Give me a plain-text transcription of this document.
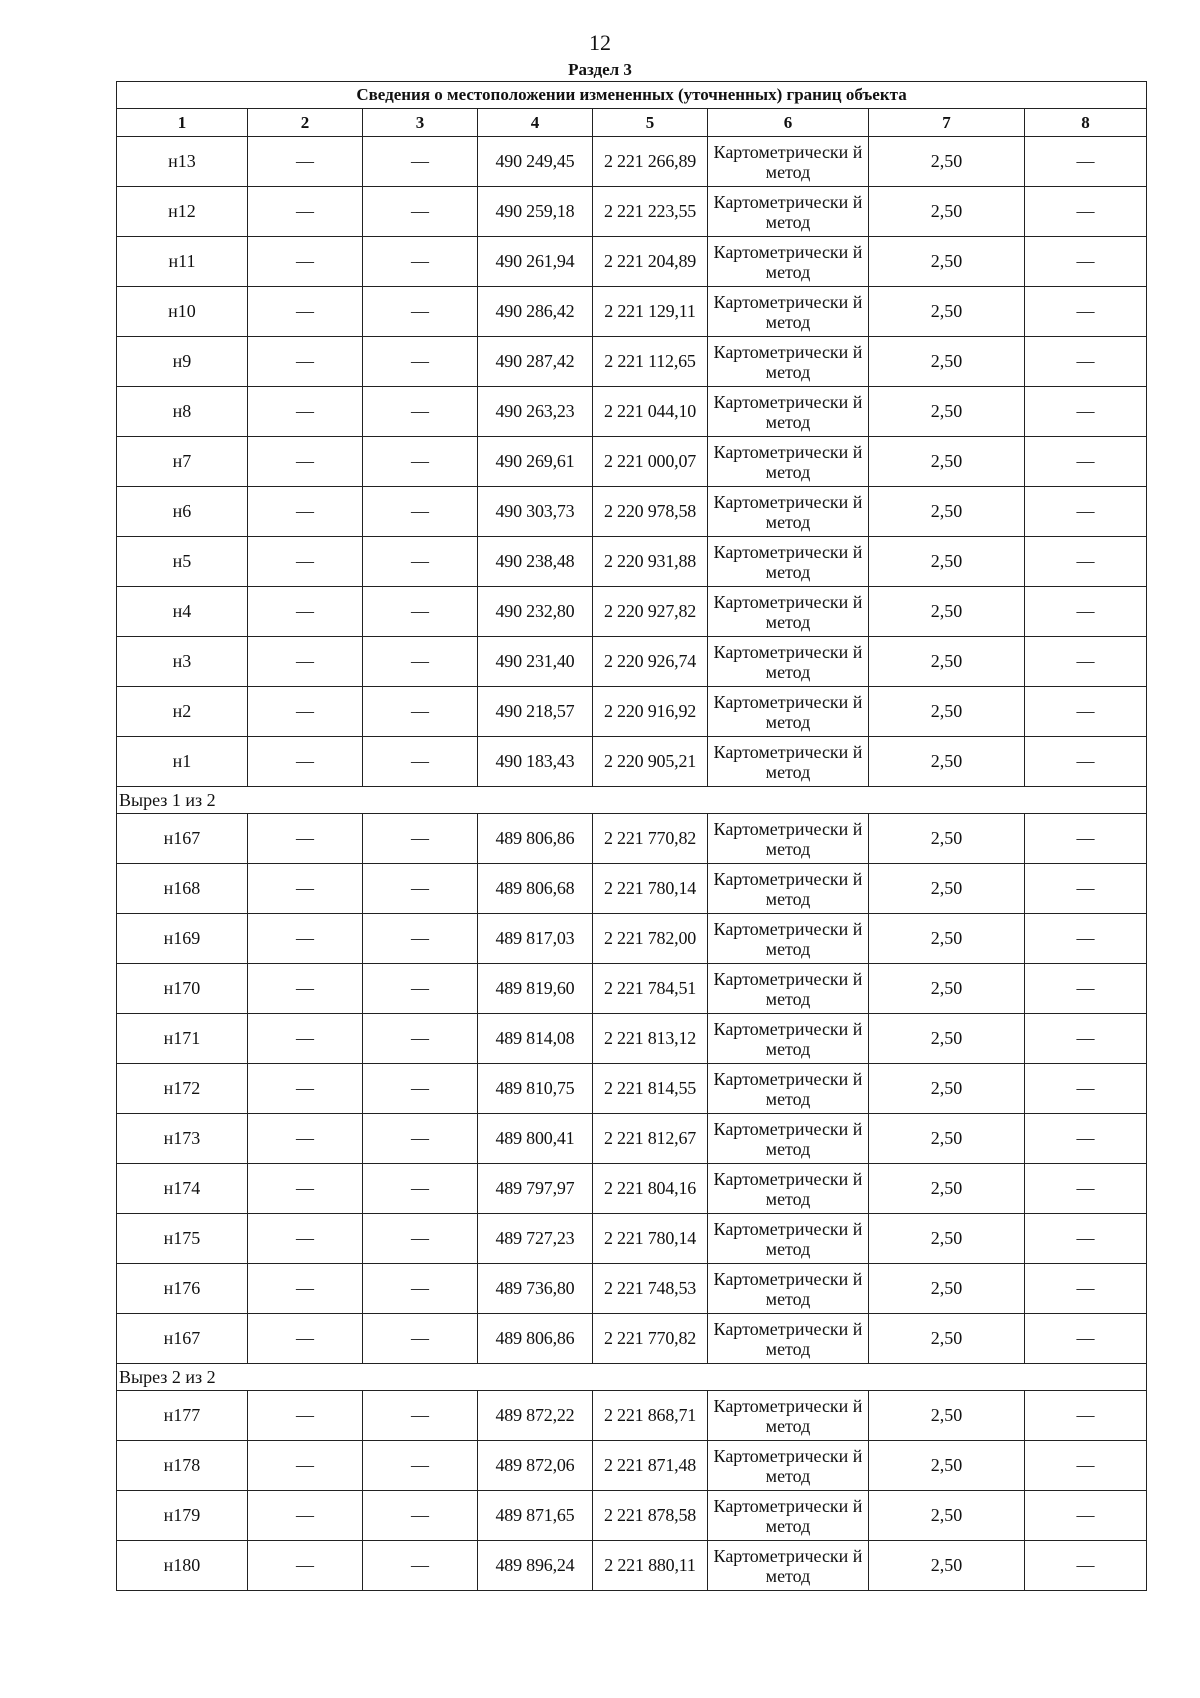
12
Раздел 3
Сведения о местоположении измененных (уточненных) границ объекта							
1	2	3	4	5	6	7	8
н13	—	—	490 249,45	2 221 266,89	Картометрически й метод	2,50	—
н12	—	—	490 259,18	2 221 223,55	Картометрически й метод	2,50	—
н11	—	—	490 261,94	2 221 204,89	Картометрически й метод	2,50	—
н10	—	—	490 286,42	2 221 129,11	Картометрически й метод	2,50	—
н9	—	—	490 287,42	2 221 112,65	Картометрически й метод	2,50	—
н8	—	—	490 263,23	2 221 044,10	Картометрически й метод	2,50	—
н7	—	—	490 269,61	2 221 000,07	Картометрически й метод	2,50	—
н6	—	—	490 303,73	2 220 978,58	Картометрически й метод	2,50	—
н5	—	—	490 238,48	2 220 931,88	Картометрически й метод	2,50	—
н4	—	—	490 232,80	2 220 927,82	Картометрически й метод	2,50	—
н3	—	—	490 231,40	2 220 926,74	Картометрически й метод	2,50	—
н2	—	—	490 218,57	2 220 916,92	Картометрически й метод	2,50	—
н1	—	—	490 183,43	2 220 905,21	Картометрически й метод	2,50	—
Вырез 1 из 2							
н167	—	—	489 806,86	2 221 770,82	Картометрически й метод	2,50	—
н168	—	—	489 806,68	2 221 780,14	Картометрически й метод	2,50	—
н169	—	—	489 817,03	2 221 782,00	Картометрически й метод	2,50	—
н170	—	—	489 819,60	2 221 784,51	Картометрически й метод	2,50	—
н171	—	—	489 814,08	2 221 813,12	Картометрически й метод	2,50	—
н172	—	—	489 810,75	2 221 814,55	Картометрически й метод	2,50	—
н173	—	—	489 800,41	2 221 812,67	Картометрически й метод	2,50	—
н174	—	—	489 797,97	2 221 804,16	Картометрически й метод	2,50	—
н175	—	—	489 727,23	2 221 780,14	Картометрически й метод	2,50	—
н176	—	—	489 736,80	2 221 748,53	Картометрически й метод	2,50	—
н167	—	—	489 806,86	2 221 770,82	Картометрически й метод	2,50	—
Вырез 2 из 2							
н177	—	—	489 872,22	2 221 868,71	Картометрически й метод	2,50	—
н178	—	—	489 872,06	2 221 871,48	Картометрически й метод	2,50	—
н179	—	—	489 871,65	2 221 878,58	Картометрически й метод	2,50	—
н180	—	—	489 896,24	2 221 880,11	Картометрически й метод	2,50	—
